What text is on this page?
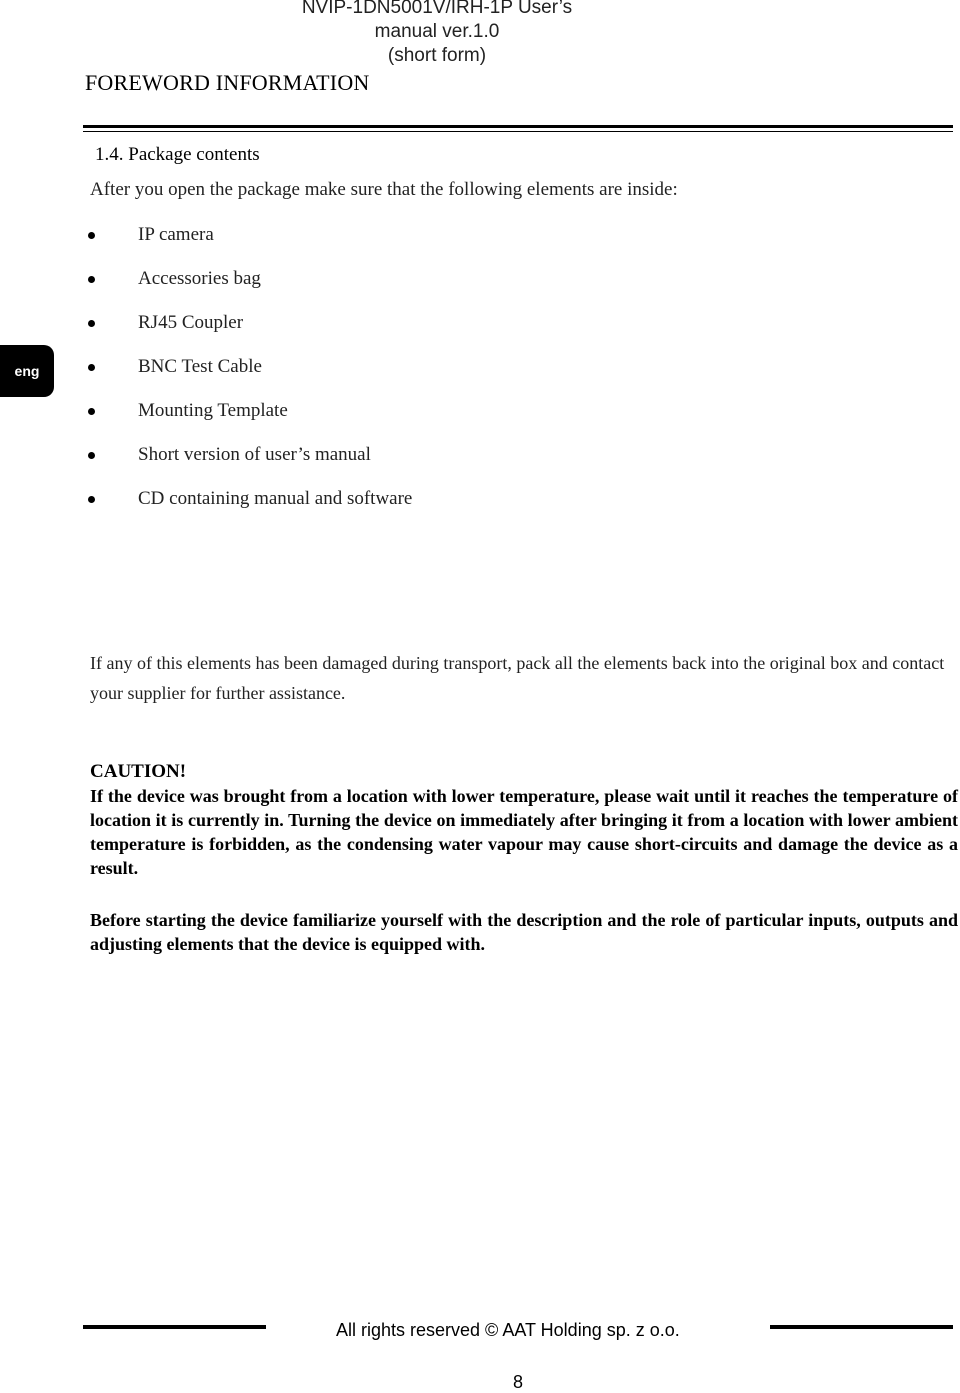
NVIP-1DN5001V/IRH-1P User’s manual ver.1.0
(short form)
FOREWORD INFORMATION
1.4. Package contents
After you open the package make sure that the following elements are inside:
IP camera
Accessories bag
RJ45 Coupler
BNC Test Cable
Mounting Template
Short version of user’s manual
CD containing manual and software
eng
If any of this elements has been damaged during transport, pack all the elements back into the original box and contact your supplier for further assistance.
CAUTION!
If the device was brought from a location with lower temperature, please wait until it reaches the temperature of location it is currently in. Turning the device on immediately after bringing it from a location with lower ambient temperature is forbidden, as the condensing water vapour may cause short-circuits and damage the device as a result.
Before starting the device familiarize yourself with the description and the role of particular inputs, outputs and adjusting elements that the device is equipped with.
All rights reserved © AAT Holding sp. z o.o.
8
